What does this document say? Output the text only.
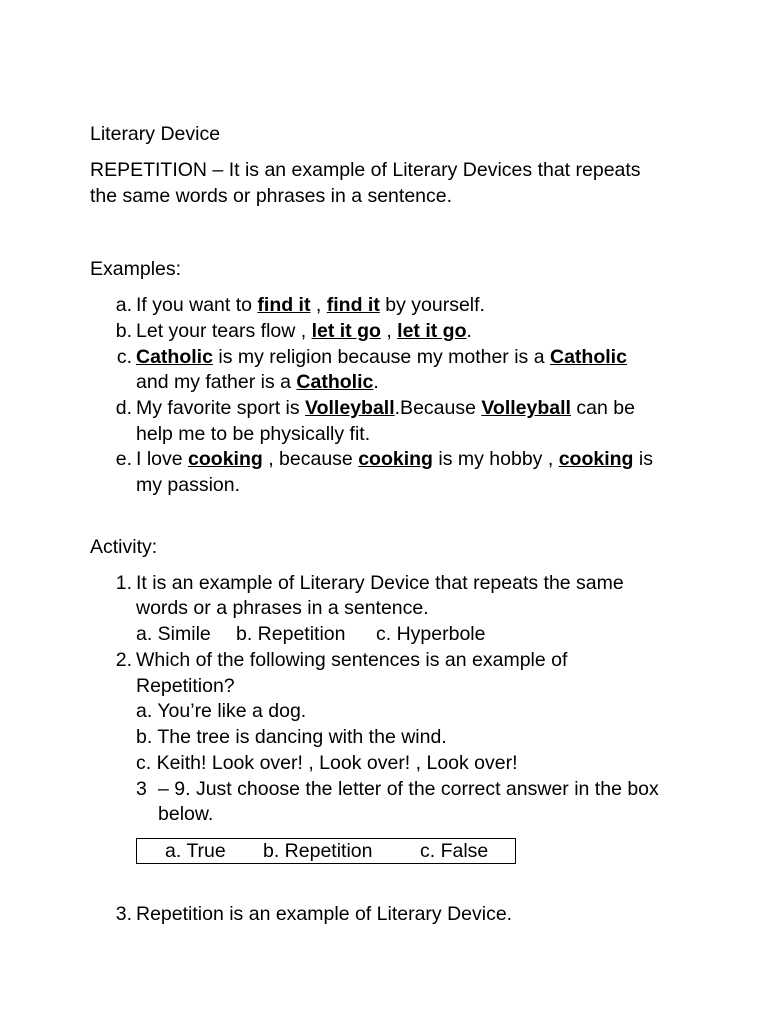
Literary Device
REPETITION – It is an example of Literary Devices that repeats
the same words or phrases in a sentence.
Examples:
a. If you want to find it , find it by yourself.
b. Let your tears flow , let it go , let it go.
c. Catholic is my religion because my mother is a Catholic
and my father is a Catholic.
d. My favorite sport is Volleyball.Because Volleyball can be
help me to be physically fit.
e. I love cooking , because cooking is my hobby , cooking is
my passion.
Activity:
1. It is an example of Literary Device that repeats the same
words or a phrases in a sentence.
a. Simile b. Repetition c. Hyperbole
2. Which of the following sentences is an example of
Repetition?
a. You’re like a dog.
b. The tree is dancing with the wind.
c. Keith! Look over! , Look over! , Look over!
3 – 9. Just choose the letter of the correct answer in the box
below.
a. True b. Repetition c. False
3. Repetition is an example of Literary Device.
